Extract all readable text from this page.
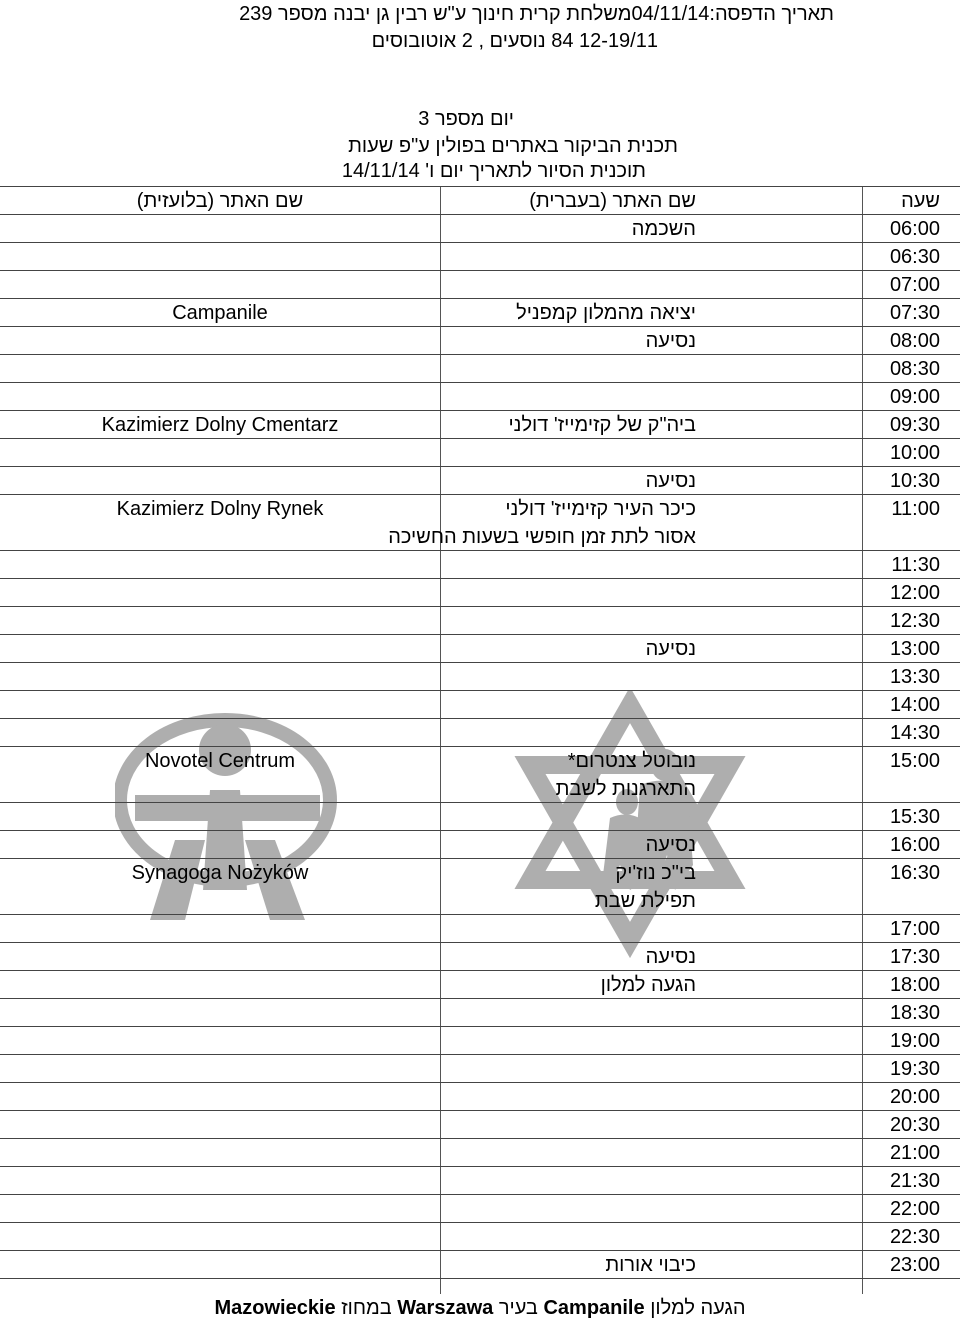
תאריך הדפסה:04/11/14משלחת קרית חינוך ע"ש רבין גן יבנה מספר 239
12-19/11 84 נוסעים , 2 אוטובוסים
יום מספר 3
תכנית הביקור באתרים בפולין ע"פ שעות
תוכנית הסיור לתאריך יום ו' 14/11/14
שעה
שם האתר (בעברית)
שם האתר (בלועזית)
06:00
השכמה
06:30
07:00
07:30
יציאה מהמלון קמפניל
Campanile
08:00
נסיעה
08:30
09:00
09:30
ביה"ק של קזימייז' דולני
Kazimierz Dolny Cmentarz
10:00
10:30
נסיעה
11:00
כיכר העיר קזימייז' דולני
Kazimierz Dolny Rynek
אסור לתת זמן חופשי בשעות החשיכה
11:30
12:00
12:30
13:00
נסיעה
13:30
14:00
14:30
15:00
נובוטל צנטרום*
Novotel Centrum
התארגנות לשבת
15:30
16:00
נסיעה
16:30
בי"כ נוז'יק
Synagoga Nożyków
תפילת שבת
17:00
17:30
נסיעה
18:00
הגעה למלון
18:30
19:00
19:30
20:00
20:30
21:00
21:30
22:00
22:30
23:00
כיבוי אורות
הגעה למלון Campanile בעיר Warszawa במחוז Mazowieckie
